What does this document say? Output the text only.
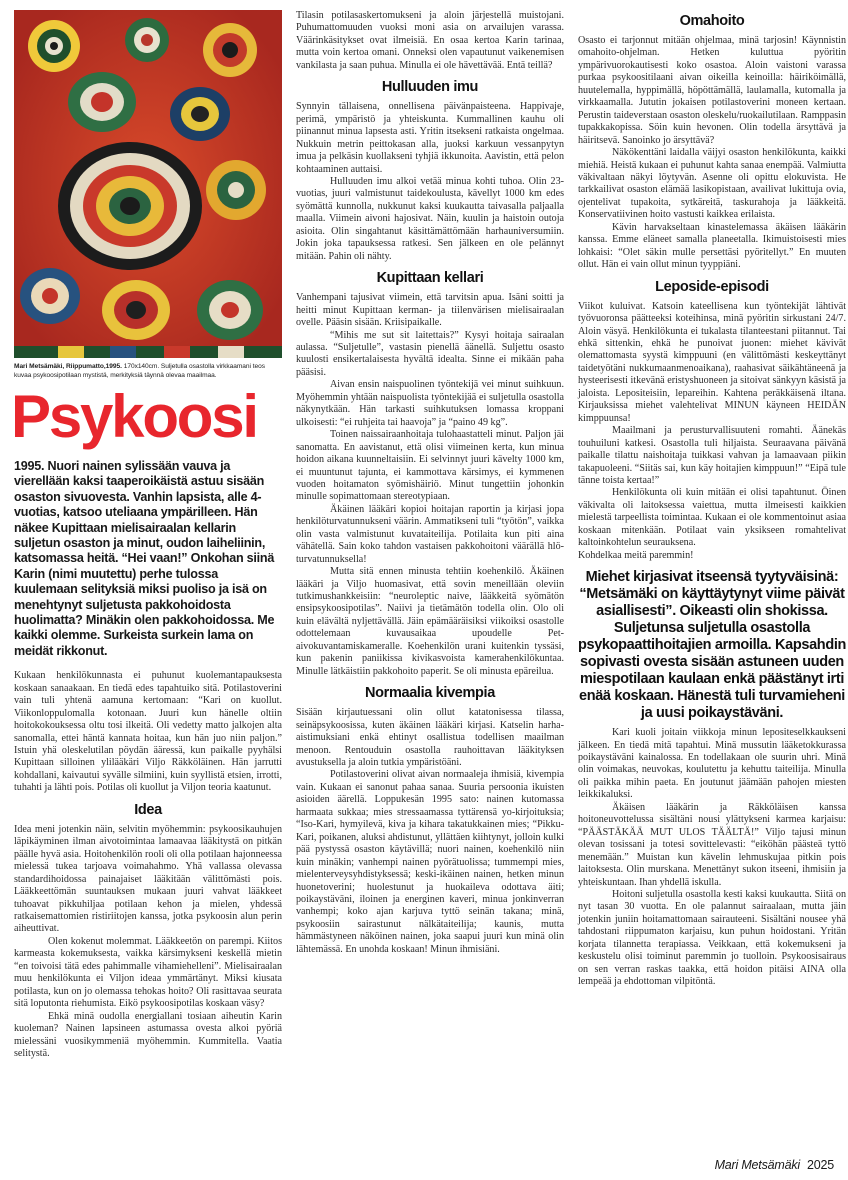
Mari Metsämäki, Riippumatto,1995. 170x140cm. Suljetulla osastolla virkkaamani teos kuvaa psykoosipotilaan mystistä, merkityksiä täynnä olevaa maailmaa.

Psykoosi

1995. Nuori nainen sylissään vauva ja vierellään kaksi taaperoikäistä astuu sisään osaston sivuovesta. Vanhin lapsista, alle 4-vuotias, katsoo uteliaana ympärilleen. Hän näkee Kupittaan mielisairaalan kellarin suljetun osaston ja minut, oudon laiheliinin, katsomassa heitä. “Hei vaan!” Onkohan siinä Karin (nimi muutettu) perhe tulossa kuulemaan selityksiä miksi puoliso ja isä on menehtynyt suljetusta pakkohoidosta huolimatta? Minäkin olen pakkohoidossa. Me kaikki olemme. Surkeista surkein lama on meidät rikkonut.

Kukaan henkilökunnasta ei puhunut kuolemantapauksesta koskaan sanaakaan. En tiedä edes tapahtuiko sitä. Potilastoverini vain tuli yhtenä aamuna kertomaan: “Kari on kuollut. Viikonloppulomalla kotonaan. Juuri kun hänelle oltiin hoitokokouksessa oltu tosi ilkeitä. Oli vedetty matto jalkojen alta sanomalla, ettei häntä kannata hoitaa, kun hän juo niin paljon.” Istuin yhä oleskelutilan pöydän ääressä, kun paikalle pyyhälsi Kupittaan silloinen ylilääkäri Viljo Räkköläinen. Hän jarrutti kohdallani, kaivautui syvälle silmiini, kuin syyllistä etsien, irrotti, tuhahti ja lähti pois. Potilas oli kuollut ja Viljon teoria kaatunut.

Idea

Idea meni jotenkin näin, selvitin myöhemmin: psykoosikauhujen läpikäyminen ilman aivotoimintaa lamaavaa lääkitystä on pitkän päälle hyvä asia. Hoitohenkilön rooli oli olla potilaan hajonneessa mielessä tukea tarjoava voimahahmo. Yhä vallassa olevassa standardihoidossa painajaiset lääkitään välittömästi pois. Lääkkeettömän suuntauksen mukaan juuri vahvat lääkkeet tuhoavat pikkuhiljaa potilaan kehon ja mielen, yhdessä ratkaisemattomien ristiriitojen kanssa, jotka psykoosin alun perin aiheuttivat.

Olen kokenut molemmat. Lääkkeetön on parempi. Kiitos karmeasta kokemuksesta, vaikka kärsimykseni keskellä mietin “en toivoisi tätä edes pahimmalle vihamiehelleni”. Mielisairaalan muu henkilökunta ei Viljon ideaa ymmärtänyt. Miksi kiusata potilasta, kun on jo olemassa tehokas hoito? Oli rasittavaa seurata sitä loputonta riehumista. Eikö psykoosipotilas koskaan väsy?

Ehkä minä oudolla energiallani tosiaan aiheutin Karin kuoleman? Nainen lapsineen astumassa ovesta alkoi pyöriä mielessäni vuosikymmeniä myöhemmin. Kummitella. Vaatia selitystä.

Tilasin potilasaskertomukseni ja aloin järjestellä muistojani. Puhumattomuuden vuoksi moni asia on arvailujen varassa. Väärinkäsitykset ovat ilmeisiä. En osaa kertoa Karin tarinaa, mutta voin kertoa omani. Onneksi olen vapautunut vaikenemisen vankilasta ja saan puhua. Minulla ei ole hävettävää. Entä teillä?

Hulluuden imu

Synnyin tällaisena, onnellisena päivänpaisteena. Happivaje, perimä, ympäristö ja yhteiskunta. Kummallinen kauhu oli piinannut minua lapsesta asti. Yritin itsekseni ratkaista ongelmaa. Nukkuin metrin peittokasan alla, juoksi karkuun vessanpytyn imua ja pelkäsin kuollakseni tyhjiä ikkunoita. Aavistin, että pelon kohtaaminen auttaisi.

Hulluuden imu alkoi vetää minua kohti tuhoa. Olin 23-vuotias, juuri valmistunut taidekoulusta, kävellyt 1000 km edes syömättä kunnolla, nukkunut kaksi kuukautta taivasalla paljaalla maalla. Viimein aivoni hajosivat. Näin, kuulin ja haistoin outoja asioita. Olin singahtanut käsittämättömään harhauniversumiin. Jokin joka tapauksessa ratkesi. Sen jälkeen en ole pelännyt mitään. Pahin oli nähty.

Kupittaan kellari

Vanhempani tajusivat viimein, että tarvitsin apua. Isäni soitti ja heitti minut Kupittaan kerman- ja tiilenvärisen mielisairaalan ovelle. Pääsin sisään. Kriisipaikalle.

“Mihis me sut sit laitettais?” Kysyi hoitaja sairaalan aulassa. “Suljetulle”, vastasin pienellä äänellä. Suljettu osasto kuulosti ensikertalaisesta hyvältä idealta. Sinne ei mikään paha pääsisi.

Aivan ensin naispuolinen työntekijä vei minut suihkuun. Myöhemmin yhtään naispuolista työntekijää ei suljetulla osastolla näkynytkään. Hän tarkasti suihkutuksen lomassa kroppani ulkoisesti: “ei ruhjeita tai haavoja” ja “paino 49 kg”.

Toinen naissairaanhoitaja tulohaastatteli minut. Paljon jäi sanomatta. En aavistanut, että olisi viimeinen kerta, kun minua hoidon aikana kuunneltaisiin. Ei selvinnyt juuri kävelty 1000 km, ei muuntunut tajunta, ei kammottava kärsimys, ei kymmenen vuoden hoitamaton syömishäiriö. Minut tungettiin johonkin minulle sopimattomaan stereotypiaan.

Äkäinen lääkäri kopioi hoitajan raportin ja kirjasi jopa henkilöturvatunnukseni väärin. Ammatikseni tuli “työtön”, vaikka olin vasta valmistunut kuvataiteilija. Potilaita kun piti aina vähätellä. Sain koko tahdon vastaisen pakkohoitoni väärällä hlö-turvatunnuksella!

Mutta sitä ennen minusta tehtiin koehenkilö. Äkäinen lääkäri ja Viljo huomasivat, että sovin meneillään oleviin tutkimushankkeisiin: “neuroleptic naive, lääkkeitä syömätön ensipsykoosipotilas”. Naiivi ja tietämätön todella olin. Olo oli kuin elävältä nyljettävällä. Jäin epämääräisiksi viikoiksi osastolle odottelemaan kuvausaikaa upoudelle Pet-aivokuvantamiskameralle. Koehenkilön urani kuitenkin tyssäsi, kun pakenin paniikissa kivikasvoista kamerahenkilökuntaa. Minulle lätkäistiin pakkohoito paperit. Se oli minusta epäreilua.

Normaalia kivempia

Sisään kirjautuessani olin ollut katatonisessa tilassa, seinäpsykoosissa, kuten äkäinen lääkäri kirjasi. Katselin harha-aistimuksiani enkä ehtinyt osallistua todellisen maailman menoon. Rentouduin osastolla rauhoittavan lääkityksen avustuksella ja aloin tutkia ympäristöäni.

Potilastoverini olivat aivan normaaleja ihmisiä, kivempia vain. Kukaan ei sanonut pahaa sanaa. Suuria persoonia ikuisten asioiden äärellä. Loppukesän 1995 sato: nainen kutomassa harmaata sukkaa; mies stressaamassa tyttärensä yo-kirjoituksia; “Iso-Kari, hymyilevä, kiva ja kihara takatukkainen mies; “Pikku-Kari, poikanen, aluksi ahdistunut, yllättäen kiihtynyt, jolloin kulki pää pystyssä osaston käytävillä; nuori nainen, koehenkilö niin kuin minäkin; vanhempi nainen pyörätuolissa; tummempi mies, mielenterveysyhdistyksessä; keski-ikäinen nainen, hetken minun huonetoverini; huolestunut ja huokaileva odottava äiti; poikaystäväni, iloinen ja energinen kaveri, minua jonkinverran vanhempi; koko ajan karjuva tyttö seinän takana; minä, psykoosiin sairastunut nälkätaiteilija; kaunis, mutta hämmästyneen näköinen nainen, joka saapui juuri kun minä olin lähtemässä. En unohda koskaan! Minun ihmisiäni.

Omahoito

Osasto ei tarjonnut mitään ohjelmaa, minä tarjosin! Käynnistin omahoito-ohjelman. Hetken kuluttua pyöritin ympärivuorokautisesti koko osastoa. Aloin vaistoni varassa purkaa psykoositilaani aivan oikeilla keinoilla: häiriköimällä, huutelemalla, hyppimällä, höpöttämällä, laulamalla, kutomalla ja virkkaamalla. Jututin jokaisen potilastoverini moneen kertaan. Perustin taideverstaan osaston oleskelu/ruokailutilaan. Ramppasin tupakkakopissa. Söin kuin hevonen. Olin todella ärsyttävä ja häiritsevä. Sanoinko jo ärsyttävä?

Näkökenttäni laidalla väijyi osaston henkilökunta, kaikki miehiä. Heistä kukaan ei puhunut kahta sanaa enempää. Valmiutta väkivaltaan näkyi löytyvän. Asenne oli opittu elokuvista. He tarkkailivat osaston elämää lasikopistaan, availivat lukittuja ovia, ojentelivat tupakoita, sytkäreitä, taskurahoja ja lääkkeitä. Konservatiivinen hoito vastusti kaikkea erilaista.

Kävin harvakseltaan kinastelemassa äkäisen lääkärin kanssa. Emme eläneet samalla planeetalla. Ikimuistoisesti mies lohkaisi: “Olet säkin mulle persettäsi pyöritellyt.” En muuten ollut. Hän ei vain ollut minun tyyppiäni.

Leposide-episodi

Viikot kuluivat. Katsoin kateellisena kun työntekijät lähtivät työvuoronsa päätteeksi koteihinsa, minä pyöritin sirkustani 24/7. Aloin väsyä. Henkilökunta ei tukalasta tilanteestani piitannut. Tai ehkä sittenkin, ehkä he punoivat juonen: miehet kävivät olemattomasta syystä kimppuuni (en välittömästi keskeyttänyt taidetyötäni nukkumaanmenoaikana), raahasivat säikähtäneenä ja hysteerisesti itkevänä eristyshuoneen ja sitoivat sänkyyn käsistä ja jaloista. Lepositeisiin, lepareihin. Kahtena peräkkäisenä iltana. Kirjauksissa miehet valehtelivat MINUN käyneen HEIDÄN kimppuunsa!

Maailmani ja perusturvallisuuteni romahti. Äänekäs touhuiluni katkesi. Osastolla tuli hiljaista. Seuraavana päivänä paikalle tilattu naishoitaja tuikkasi vahvan ja lamaavaan piikin takapuoleeni. “Siitäs sai, kun käy hoitajien kimppuun!” “Eipä tule tänne toista kertaa!”

Henkilökunta oli kuin mitään ei olisi tapahtunut. Öinen väkivalta oli laitoksessa vaiettua, mutta ilmeisesti kaikkien mielestä tarpeellista toimintaa. Kukaan ei ole kommentoinut asiaa koskaan mitenkään. Potilaat vain yksikseen romahtelivat kaltoinkohtelun seurauksena.

Kohdelkaa meitä paremmin!

Miehet kirjasivat itseensä tyytyväisinä: “Metsämäki on käyttäytynyt viime päivät asiallisesti”. Oikeasti olin shokissa. Suljetunsa suljetulla osastolla psykopaattihoitajien armoilla. Kapsahdin sopivasti ovesta sisään astuneen uuden miespotilaan kaulaan enkä päästänyt irti enää koskaan. Hänestä tuli turvamieheni ja uusi poikaystäväni.

Kari kuoli joitain viikkoja minun lepositeselkkaukseni jälkeen. En tiedä mitä tapahtui. Minä mussutin lääketokkurassa poikaystäväni kainalossa. En todellakaan ole suurin uhri. Minä olin voimakas, neuvokas, koulutettu ja kehuttu taiteilija. Minulla oli paikka mihin paeta. En joutunut jäämään pahojen miesten leikkikaluksi.

Äkäisen lääkärin ja Räkköläisen kanssa hoitoneuvottelussa sisältäni nousi ylättykseni karmea karjaisu: “PÄÄSTÄKÄÄ MUT ULOS TÄÄLTÄ!” Viljo tajusi minun olevan tosissani ja totesi sovittelevasti: “eiköhän päästeä tyttö menemään.” Muistan kun kävelin lehmuskujaa pitkin pois laitoksesta. Olin murskana. Menettänyt sukon itseeni, ihmisiin ja yhteiskuntaan. Ihan yhdellä iskulla.

Hoitoni suljetulla osastolla kesti kaksi kuukautta. Siitä on nyt tasan 30 vuotta. En ole palannut sairaalaan, mutta jäin jotenkin juniin hoitamattomaan sairauteeni. Sisältäni nousee yhä tahdostani riippumaton karjaisu, kun puhun hoidostani. Yritän korjata tilannetta terapiassa. Veikkaan, että kokemukseni ja keskustelu olisi toiminut paremmin jo tuolloin. Psykoosisairaus on sen verran raskas taakka, että hoidon pitäisi AINA olla lempeää ja ehdottoman vilpitöntä.

Mari Metsämäki 2025
